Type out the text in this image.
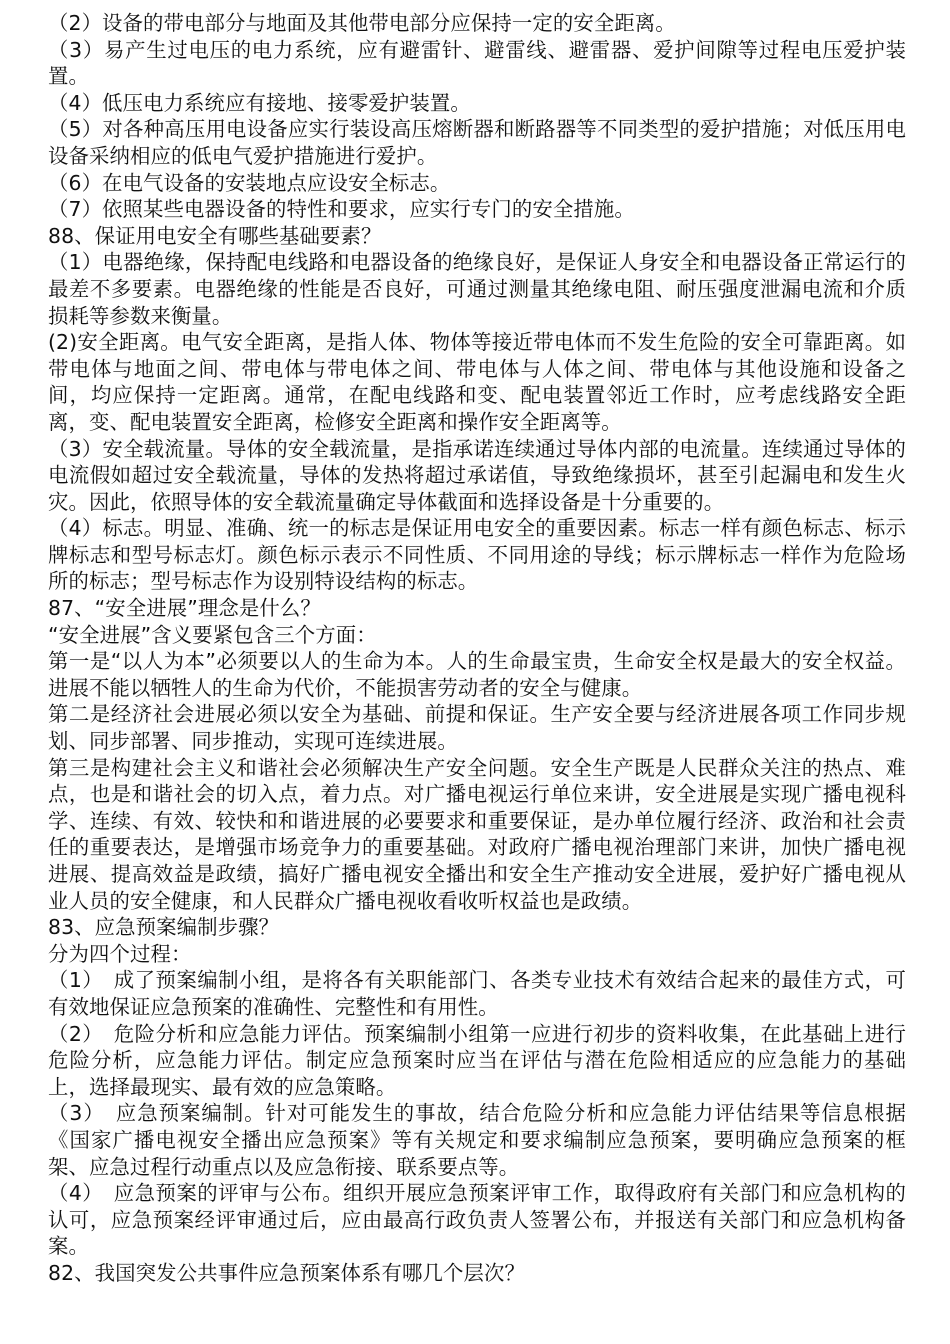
（2）设备的带电部分与地面及其他带电部分应保持一定的安全距离。

（3）易产生过电压的电力系统，应有避雷针、避雷线、避雷器、爱护间隙等过程电压爱护装置。

（4）低压电力系统应有接地、接零爱护装置。

（5）对各种高压用电设备应实行装设高压熔断器和断路器等不同类型的爱护措施；对低压用电设备采纳相应的低电气爱护措施进行爱护。

（6）在电气设备的安装地点应设安全标志。

（7）依照某些电器设备的特性和要求，应实行专门的安全措施。

88、保证用电安全有哪些基础要素？

（1）电器绝缘，保持配电线路和电器设备的绝缘良好，是保证人身安全和电器设备正常运行的最差不多要素。电器绝缘的性能是否良好，可通过测量其绝缘电阻、耐压强度泄漏电流和介质损耗等参数来衡量。

(2)安全距离。电气安全距离，是指人体、物体等接近带电体而不发生危险的安全可靠距离。如带电体与地面之间、带电体与带电体之间、带电体与人体之间、带电体与其他设施和设备之间，均应保持一定距离。通常，在配电线路和变、配电装置邻近工作时，应考虑线路安全距离，变、配电装置安全距离，检修安全距离和操作安全距离等。

（3）安全载流量。导体的安全载流量，是指承诺连续通过导体内部的电流量。连续通过导体的电流假如超过安全载流量，导体的发热将超过承诺值，导致绝缘损坏，甚至引起漏电和发生火灾。因此，依照导体的安全载流量确定导体截面和选择设备是十分重要的。

（4）标志。明显、准确、统一的标志是保证用电安全的重要因素。标志一样有颜色标志、标示牌标志和型号标志灯。颜色标示表示不同性质、不同用途的导线；标示牌标志一样作为危险场所的标志；型号标志作为设别特设结构的标志。

87、“安全进展”理念是什么？

“安全进展”含义要紧包含三个方面：

第一是“以人为本”必须要以人的生命为本。人的生命最宝贵，生命安全权是最大的安全权益。进展不能以牺牲人的生命为代价，不能损害劳动者的安全与健康。

第二是经济社会进展必须以安全为基础、前提和保证。生产安全要与经济进展各项工作同步规划、同步部署、同步推动，实现可连续进展。

第三是构建社会主义和谐社会必须解决生产安全问题。安全生产既是人民群众关注的热点、难点，也是和谐社会的切入点，着力点。对广播电视运行单位来讲，安全进展是实现广播电视科学、连续、有效、较快和和谐进展的必要要求和重要保证，是办单位履行经济、政治和社会责任的重要表达，是增强市场竞争力的重要基础。对政府广播电视治理部门来讲，加快广播电视进展、提高效益是政绩，搞好广播电视安全播出和安全生产推动安全进展，爱护好广播电视从业人员的安全健康，和人民群众广播电视收看收听权益也是政绩。

83、应急预案编制步骤？

分为四个过程：

（1）　成了预案编制小组，是将各有关职能部门、各类专业技术有效结合起来的最佳方式，可有效地保证应急预案的准确性、完整性和有用性。

（2）　危险分析和应急能力评估。预案编制小组第一应进行初步的资料收集，在此基础上进行危险分析，应急能力评估。制定应急预案时应当在评估与潜在危险相适应的应急能力的基础上，选择最现实、最有效的应急策略。

（3）　应急预案编制。针对可能发生的事故，结合危险分析和应急能力评估结果等信息根据《国家广播电视安全播出应急预案》等有关规定和要求编制应急预案，要明确应急预案的框架、应急过程行动重点以及应急衔接、联系要点等。

（4）　应急预案的评审与公布。组织开展应急预案评审工作，取得政府有关部门和应急机构的认可，应急预案经评审通过后，应由最高行政负责人签署公布，并报送有关部门和应急机构备案。

82、我国突发公共事件应急预案体系有哪几个层次？
